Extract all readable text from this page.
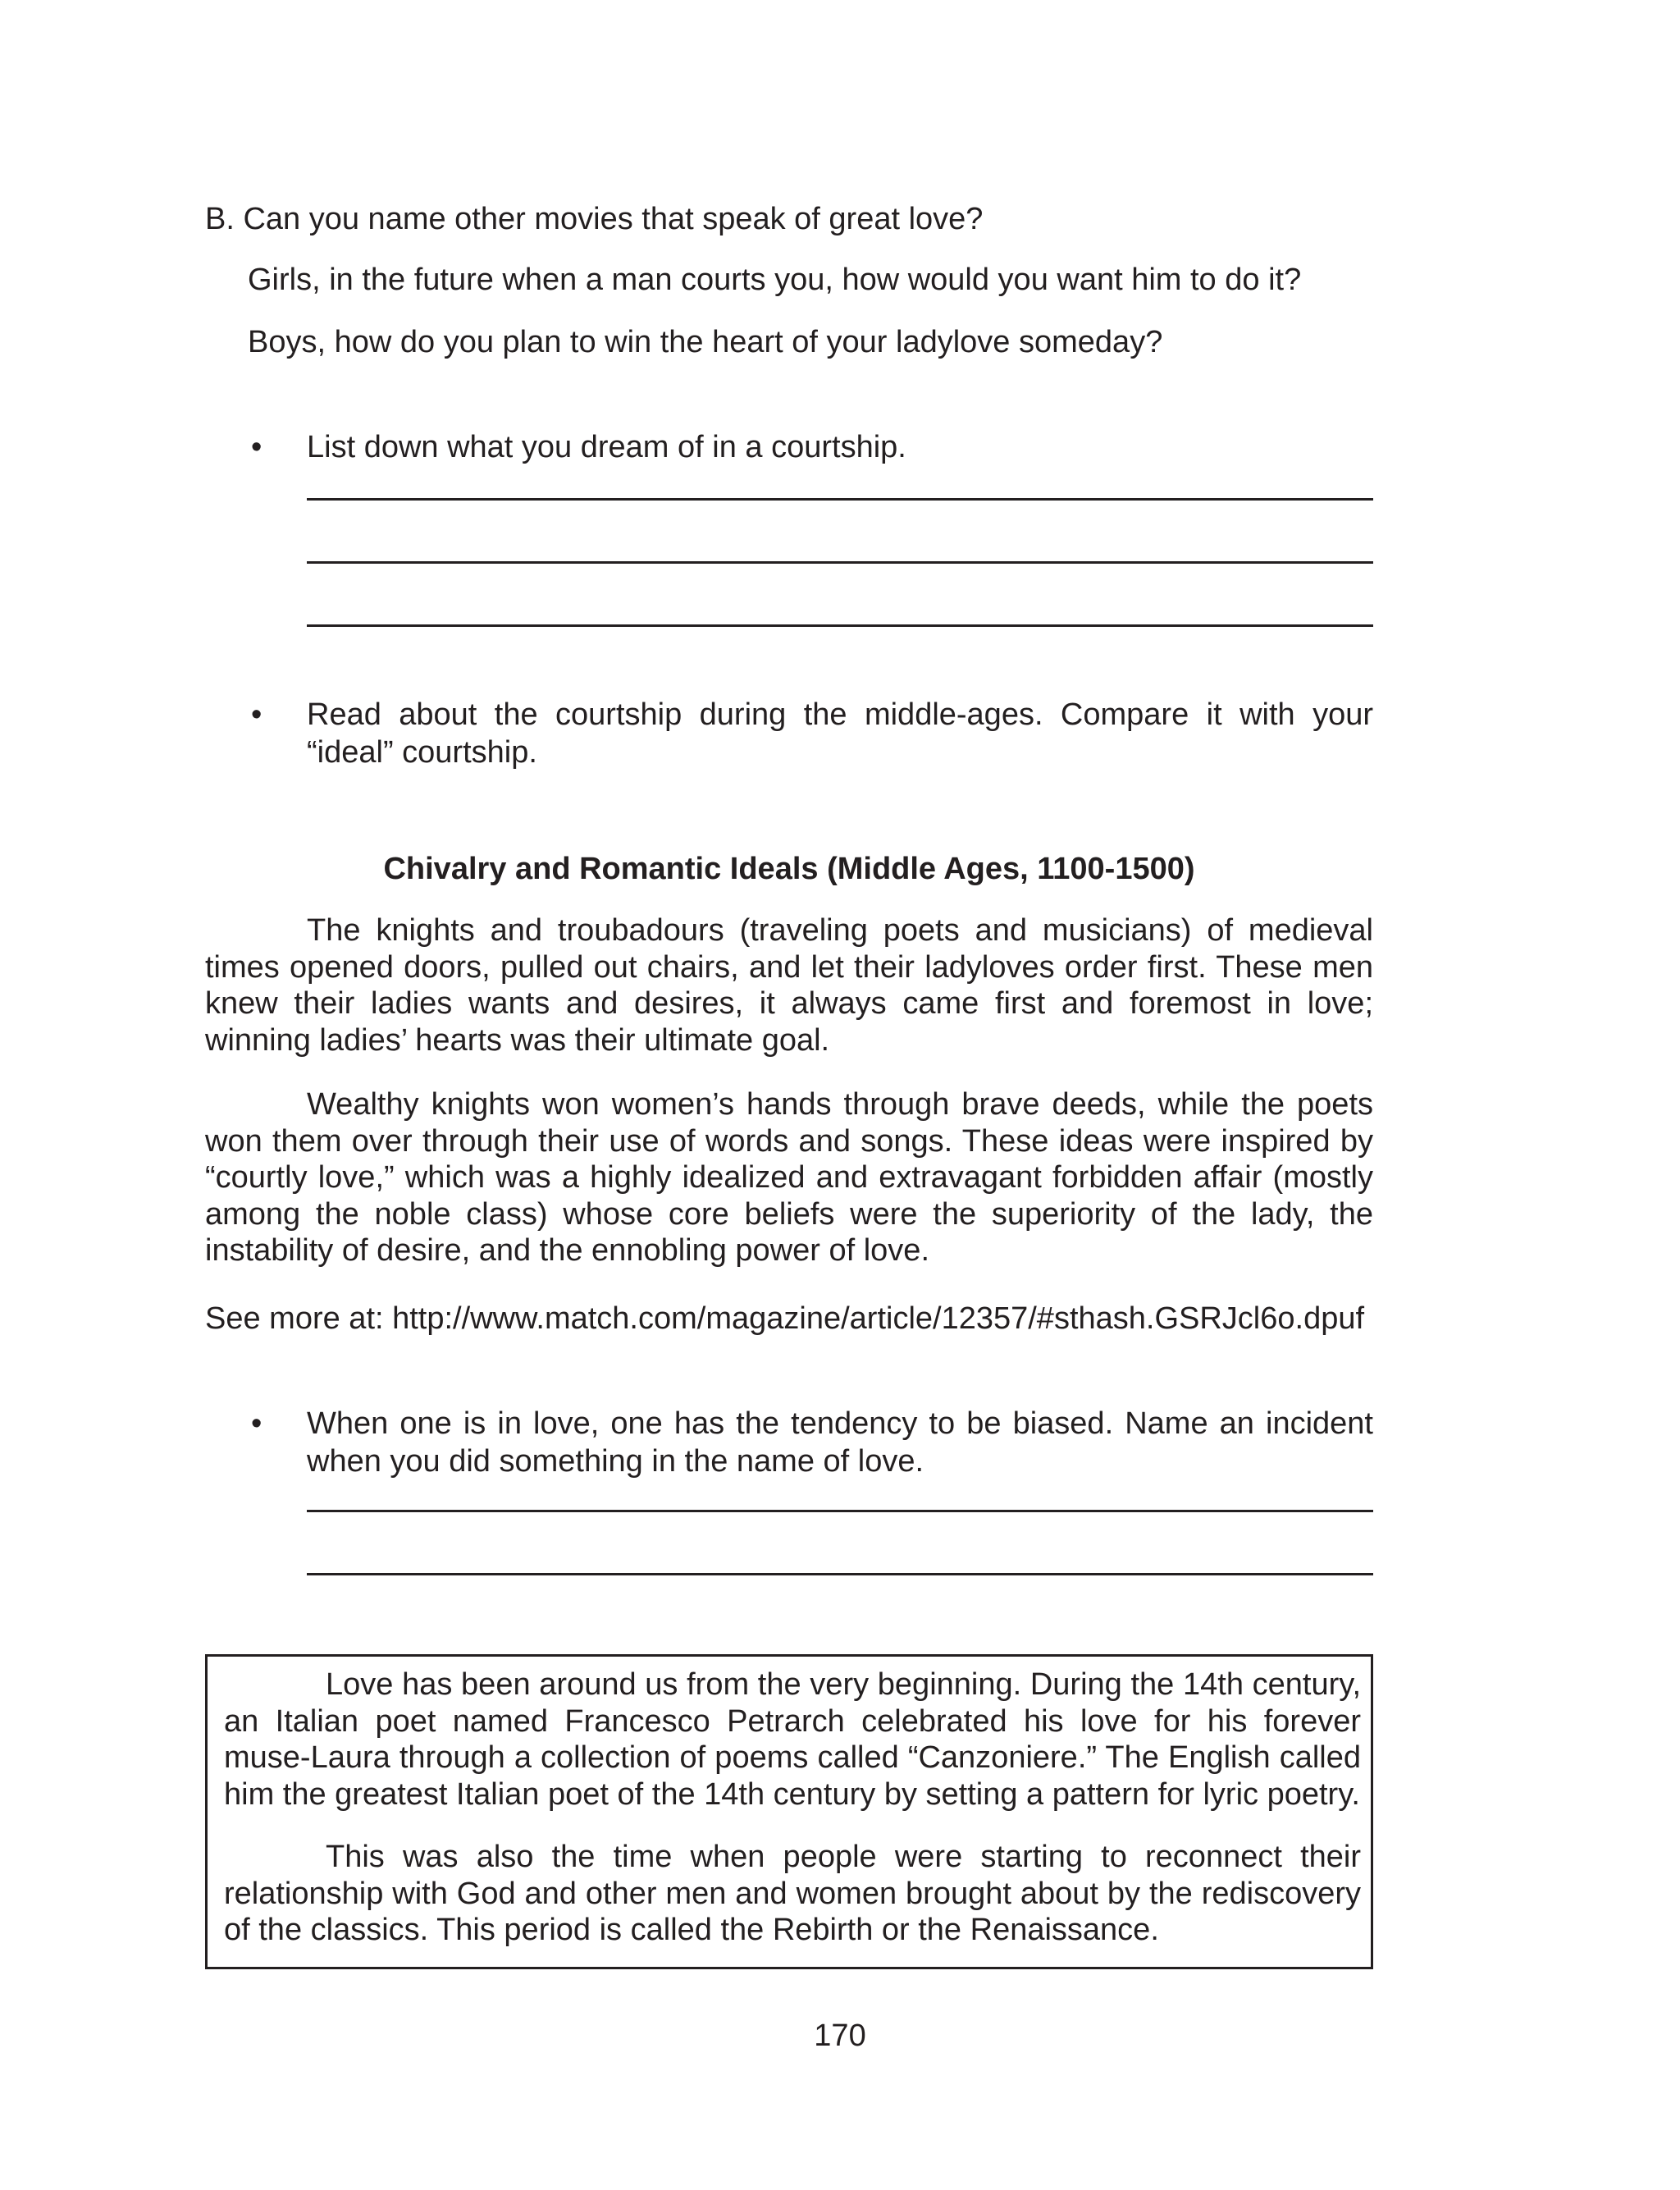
B. Can you name other movies that speak of great love?
Girls, in the future when a man courts you, how would you want him to do it?
Boys, how do you plan to win the heart of your ladylove someday?
• List down what you dream of in a courtship.
• Read about the courtship during the middle-ages. Compare it with your “ideal” courtship.
Chivalry and Romantic Ideals (Middle Ages, 1100-1500)
The knights and troubadours (traveling poets and musicians) of medieval times opened doors, pulled out chairs, and let their ladyloves order first. These men knew their ladies wants and desires, it always came first and foremost in love; winning ladies’ hearts was their ultimate goal.
Wealthy knights won women’s hands through brave deeds, while the poets won them over through their use of words and songs. These ideas were inspired by “courtly love,” which was a highly idealized and extravagant forbidden affair (mostly among the noble class) whose core beliefs were the superiority of the lady, the instability of desire, and the ennobling power of love.
See more at: http://www.match.com/magazine/article/12357/#sthash.GSRJcl6o.dpuf
• When one is in love, one has the tendency to be biased. Name an incident when you did something in the name of love.
Love has been around us from the very beginning. During the 14th century, an Italian poet named Francesco Petrarch celebrated his love for his forever muse-Laura through a collection of poems called “Canzoniere.” The English called him the greatest Italian poet of the 14th century by setting a pattern for lyric poetry.
This was also the time when people were starting to reconnect their relationship with God and other men and women brought about by the rediscovery of the classics. This period is called the Rebirth or the Renaissance.
170
